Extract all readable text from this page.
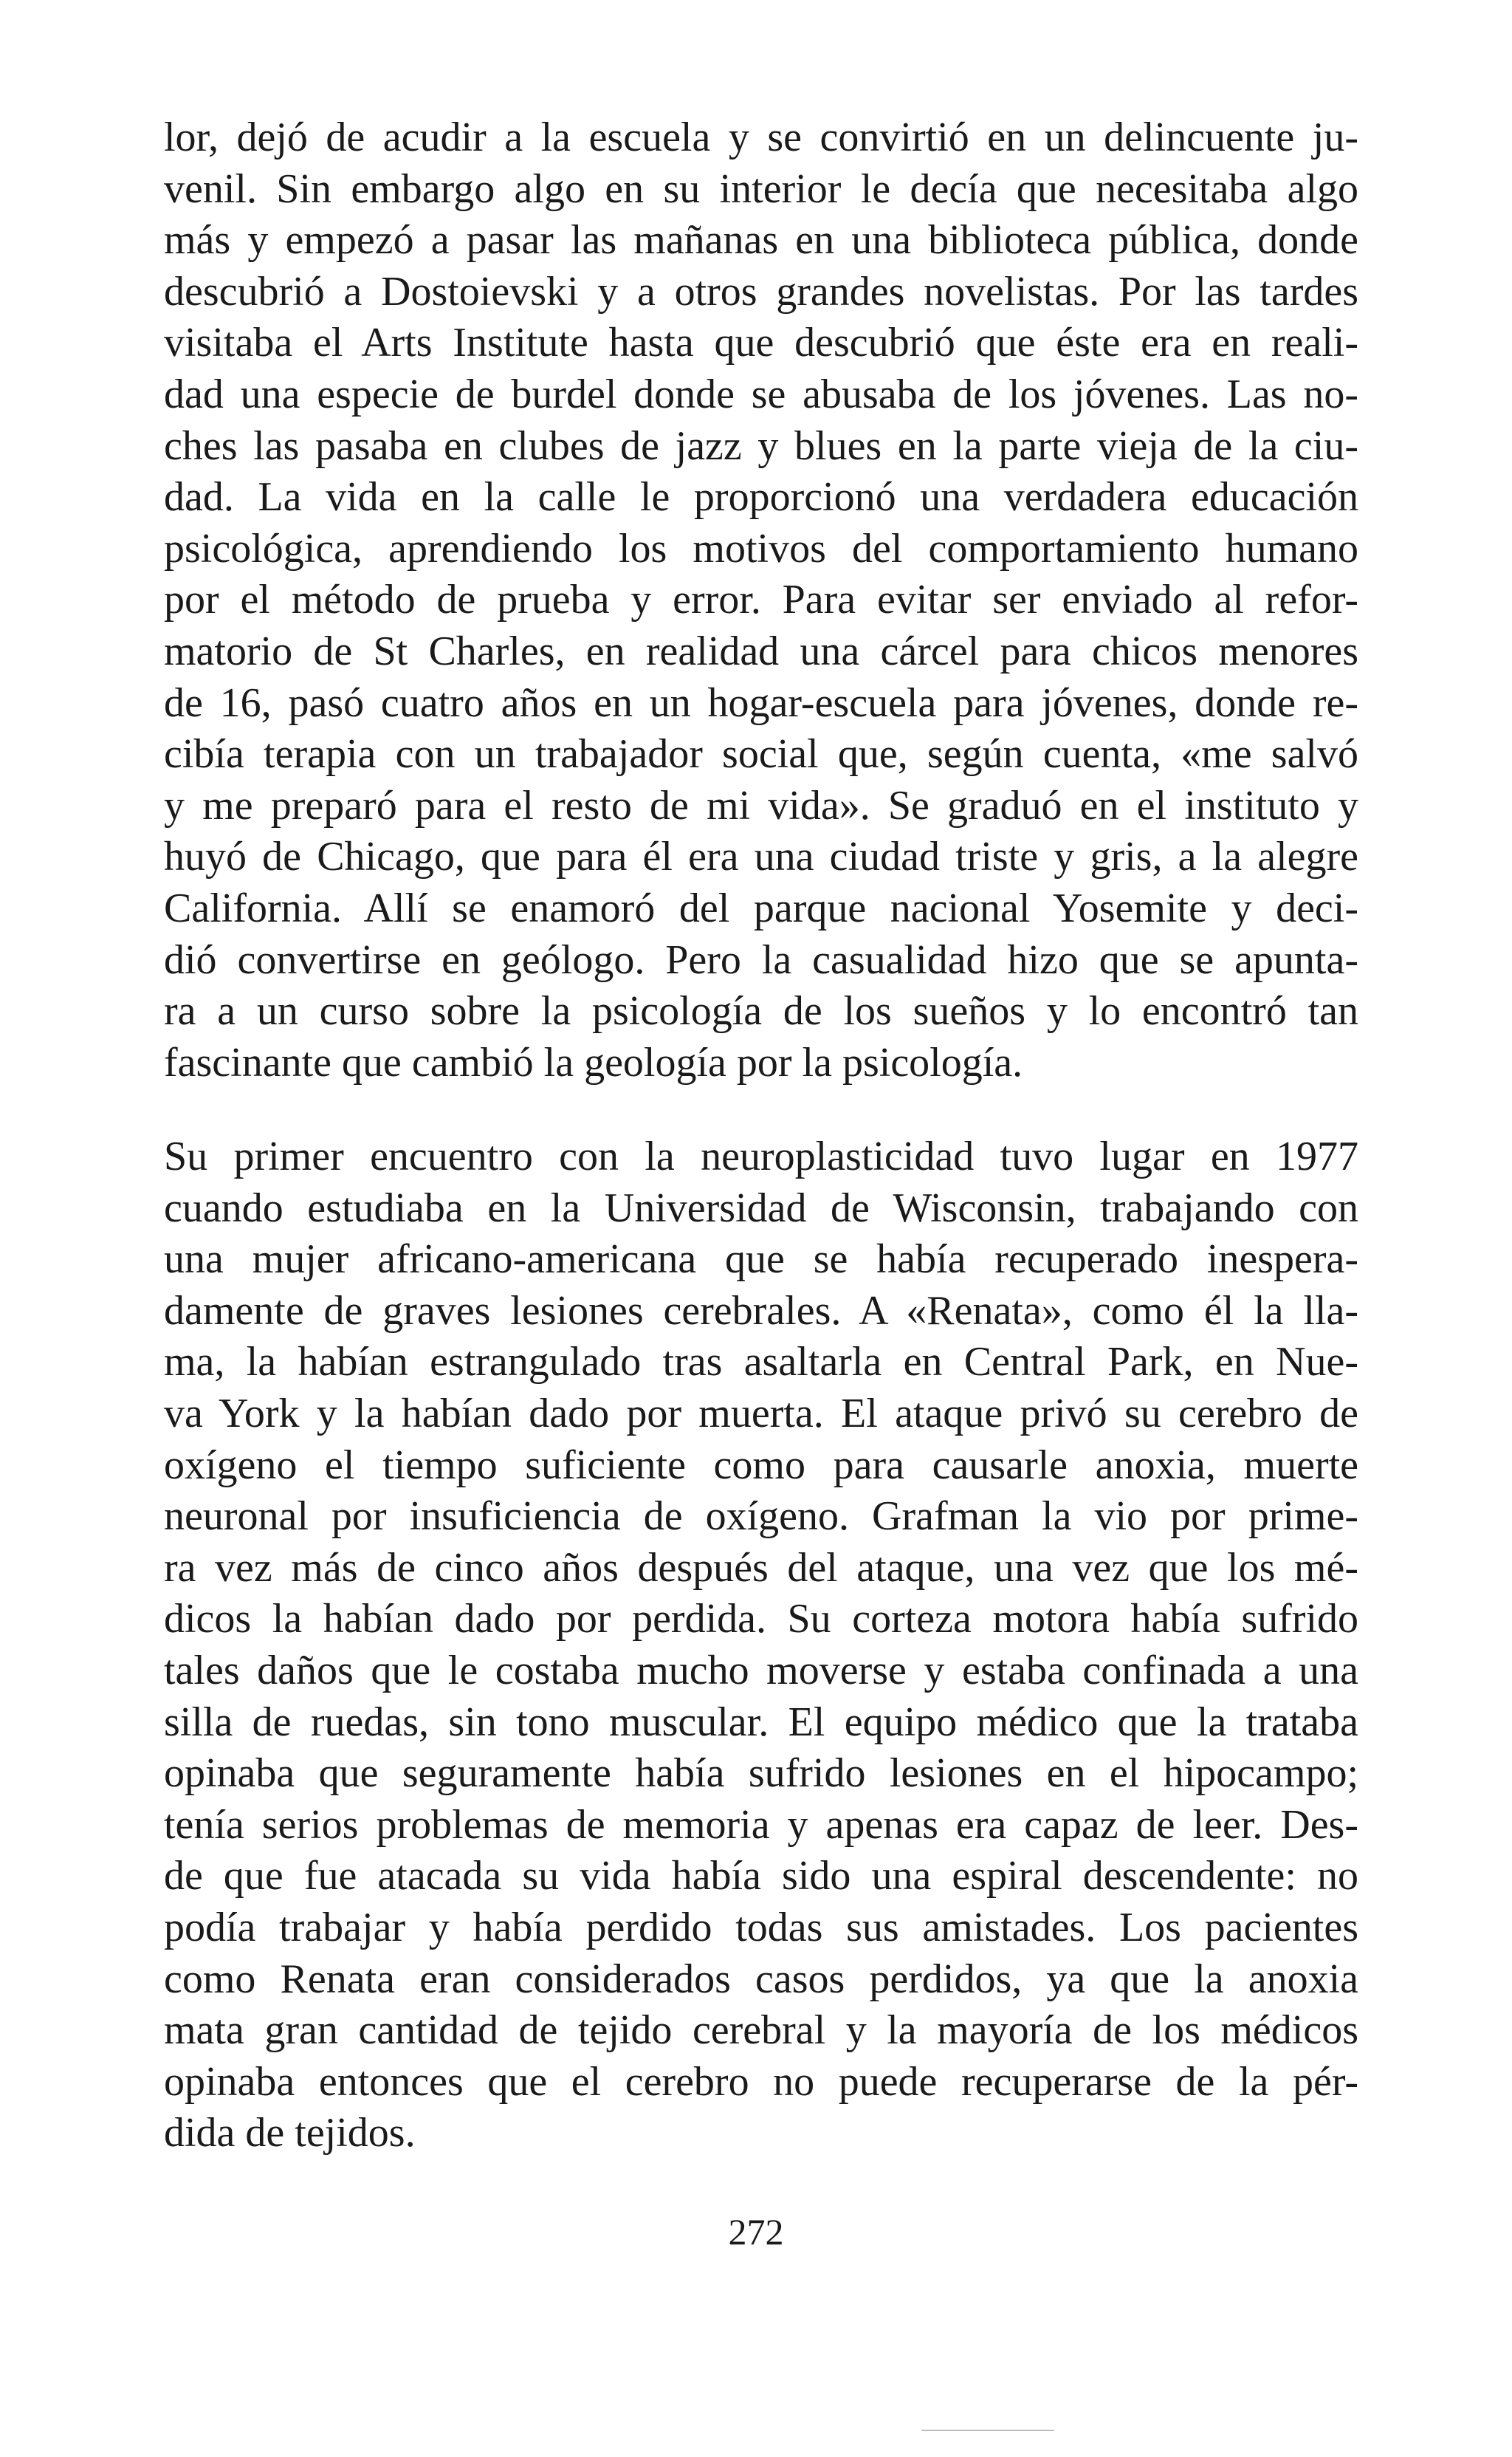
lor, dejó de acudir a la escuela y se convirtió en un delincuente ju-
venil. Sin embargo algo en su interior le decía que necesitaba algo
más y empezó a pasar las mañanas en una biblioteca pública, donde
descubrió a Dostoievski y a otros grandes novelistas. Por las tardes
visitaba el Arts Institute hasta que descubrió que éste era en reali-
dad una especie de burdel donde se abusaba de los jóvenes. Las no-
ches las pasaba en clubes de jazz y blues en la parte vieja de la ciu-
dad. La vida en la calle le proporcionó una verdadera educación
psicológica, aprendiendo los motivos del comportamiento humano
por el método de prueba y error. Para evitar ser enviado al refor-
matorio de St Charles, en realidad una cárcel para chicos menores
de 16, pasó cuatro años en un hogar-escuela para jóvenes, donde re-
cibía terapia con un trabajador social que, según cuenta, «me salvó
y me preparó para el resto de mi vida». Se graduó en el instituto y
huyó de Chicago, que para él era una ciudad triste y gris, a la alegre
California. Allí se enamoró del parque nacional Yosemite y deci-
dió convertirse en geólogo. Pero la casualidad hizo que se apunta-
ra a un curso sobre la psicología de los sueños y lo encontró tan
fascinante que cambió la geología por la psicología.
Su primer encuentro con la neuroplasticidad tuvo lugar en 1977
cuando estudiaba en la Universidad de Wisconsin, trabajando con
una mujer africano-americana que se había recuperado inespera-
damente de graves lesiones cerebrales. A «Renata», como él la lla-
ma, la habían estrangulado tras asaltarla en Central Park, en Nue-
va York y la habían dado por muerta. El ataque privó su cerebro de
oxígeno el tiempo suficiente como para causarle anoxia, muerte
neuronal por insuficiencia de oxígeno. Grafman la vio por prime-
ra vez más de cinco años después del ataque, una vez que los mé-
dicos la habían dado por perdida. Su corteza motora había sufrido
tales daños que le costaba mucho moverse y estaba confinada a una
silla de ruedas, sin tono muscular. El equipo médico que la trataba
opinaba que seguramente había sufrido lesiones en el hipocampo;
tenía serios problemas de memoria y apenas era capaz de leer. Des-
de que fue atacada su vida había sido una espiral descendente: no
podía trabajar y había perdido todas sus amistades. Los pacientes
como Renata eran considerados casos perdidos, ya que la anoxia
mata gran cantidad de tejido cerebral y la mayoría de los médicos
opinaba entonces que el cerebro no puede recuperarse de la pér-
dida de tejidos.

272
